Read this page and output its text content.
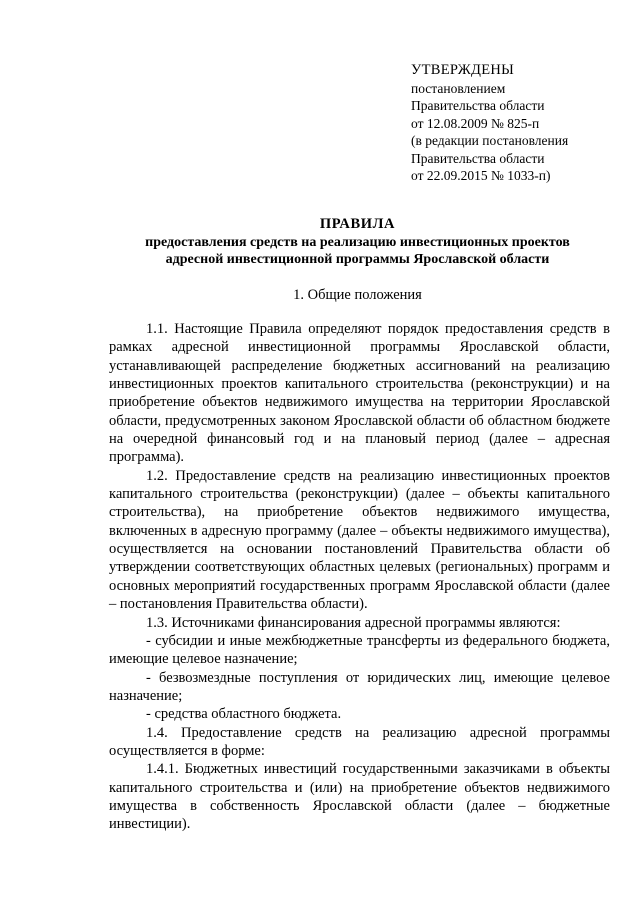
УТВЕРЖДЕНЫ
постановлением
Правительства области
от 12.08.2009 № 825-п
(в редакции постановления
Правительства области
от 22.09.2015 № 1033-п)
ПРАВИЛА
предоставления средств на реализацию инвестиционных проектов
адресной инвестиционной программы Ярославской области
1. Общие положения

1.1. Настоящие Правила определяют порядок предоставления средств в рамках адресной инвестиционной программы Ярославской области, устанавливающей распределение бюджетных ассигнований на реализацию инвестиционных проектов капитального строительства (реконструкции) и на приобретение объектов недвижимого имущества на территории Ярославской области, предусмотренных законом Ярославской области об областном бюджете на очередной финансовый год и на плановый период (далее – адресная программа).

1.2. Предоставление средств на реализацию инвестиционных проектов капитального строительства (реконструкции) (далее – объекты капитального строительства), на приобретение объектов недвижимого имущества, включенных в адресную программу (далее – объекты недвижимого имущества), осуществляется на основании постановлений Правительства области об утверждении соответствующих областных целевых (региональных) программ и основных мероприятий государственных программ Ярославской области (далее – постановления Правительства области).

1.3. Источниками финансирования адресной программы являются:

- субсидии и иные межбюджетные трансферты из федерального бюджета, имеющие целевое назначение;

- безвозмездные поступления от юридических лиц, имеющие целевое назначение;

- средства областного бюджета.

1.4. Предоставление средств на реализацию адресной программы осуществляется в форме:

1.4.1. Бюджетных инвестиций государственными заказчиками в объекты капитального строительства и (или) на приобретение объектов недвижимого имущества в собственность Ярославской области (далее – бюджетные инвестиции).
